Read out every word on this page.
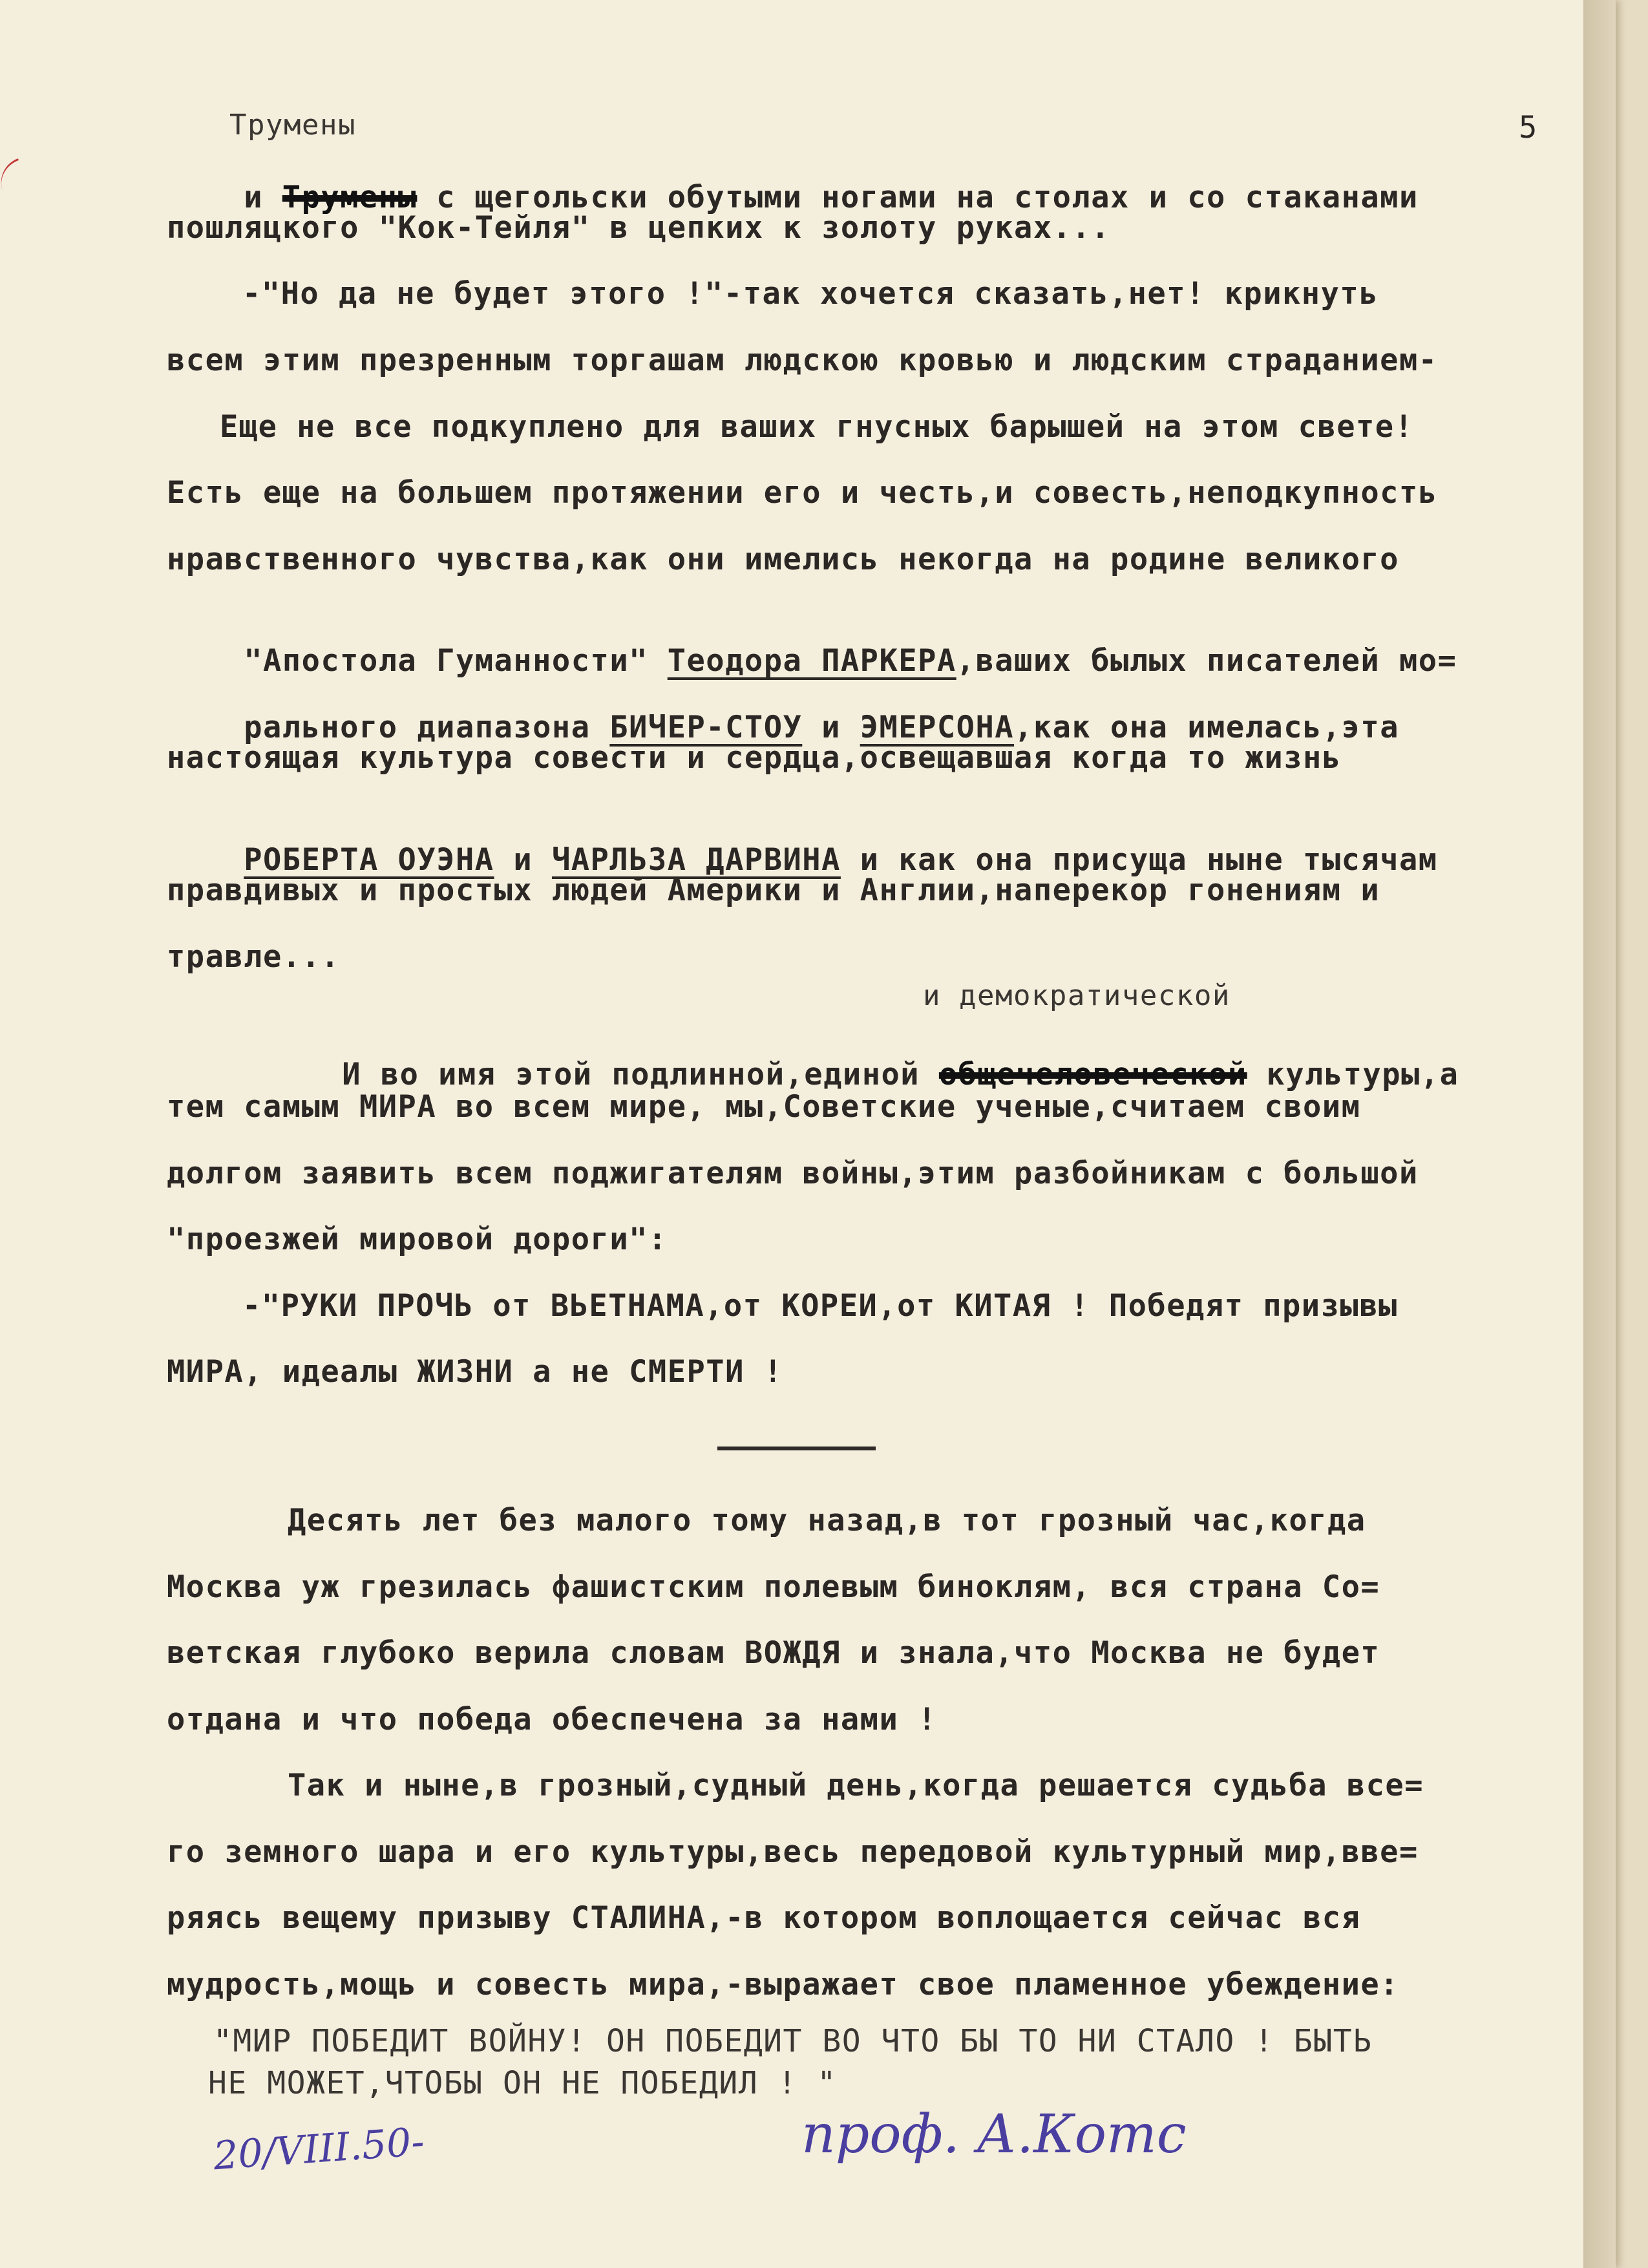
5
Трумены

и Трумены с щегольски обутыми ногами на столах и со стаканами

пошляцкого "Кок-Тейля" в цепких к золоту руках...
-"Но да не будет этого !"-так хочется сказать,нет! крикнуть
всем этим презренным торгашам людскою кровью и людским страданием-
Еще не все подкуплено для ваших гнусных барышей на этом свете!
Есть еще на большем протяжении его и честь,и совесть,неподкупность
нравственного чувства,как они имелись некогда на родине великого

"Апостола Гуманности" Теодора ПАРКЕРА,ваших былых писателей мо=

рального диапазона БИЧЕР-СТОУ и ЭМЕРСОНА,как она имелась,эта

настоящая культура совести и сердца,освещавшая когда то жизнь

РОБЕРТА ОУЭНА и ЧАРЛЬЗА ДАРВИНА и как она присуща ныне тысячам

правдивых и простых людей Америки и Англии,наперекор гонениям и
травле...
и демократической

И во имя этой подлинной,единой общечеловеческой культуры,а

тем самым МИРА во всем мире, мы,Советские ученые,считаем своим
долгом заявить всем поджигателям войны,этим разбойникам с большой
"проезжей мировой дороги":
-"РУКИ ПРОЧЬ от ВЬЕТНАМА,от КОРЕИ,от КИТАЯ ! Победят призывы
МИРА, идеалы ЖИЗНИ а не СМЕРТИ !
Десять лет без малого тому назад,в тот грозный час,когда
Москва уж грезилась фашистским полевым биноклям, вся страна Со=
ветская глубоко верила словам ВОЖДЯ и знала,что Москва не будет
отдана и что победа обеспечена за нами !
Так и ныне,в грозный,судный день,когда решается судьба все=
го земного шара и его культуры,весь передовой культурный мир,вве=
ряясь вещему призыву СТАЛИНА,-в котором воплощается сейчас вся
мудрость,мощь и совесть мира,-выражает свое пламенное убеждение:
"МИР ПОБЕДИТ ВОЙНУ! ОН ПОБЕДИТ ВО ЧТО БЫ ТО НИ СТАЛО ! БЫТЬ
НЕ МОЖЕТ,ЧТОБЫ ОН НЕ ПОБЕДИЛ ! "
20/VIII.50-	проф. А.Котс
